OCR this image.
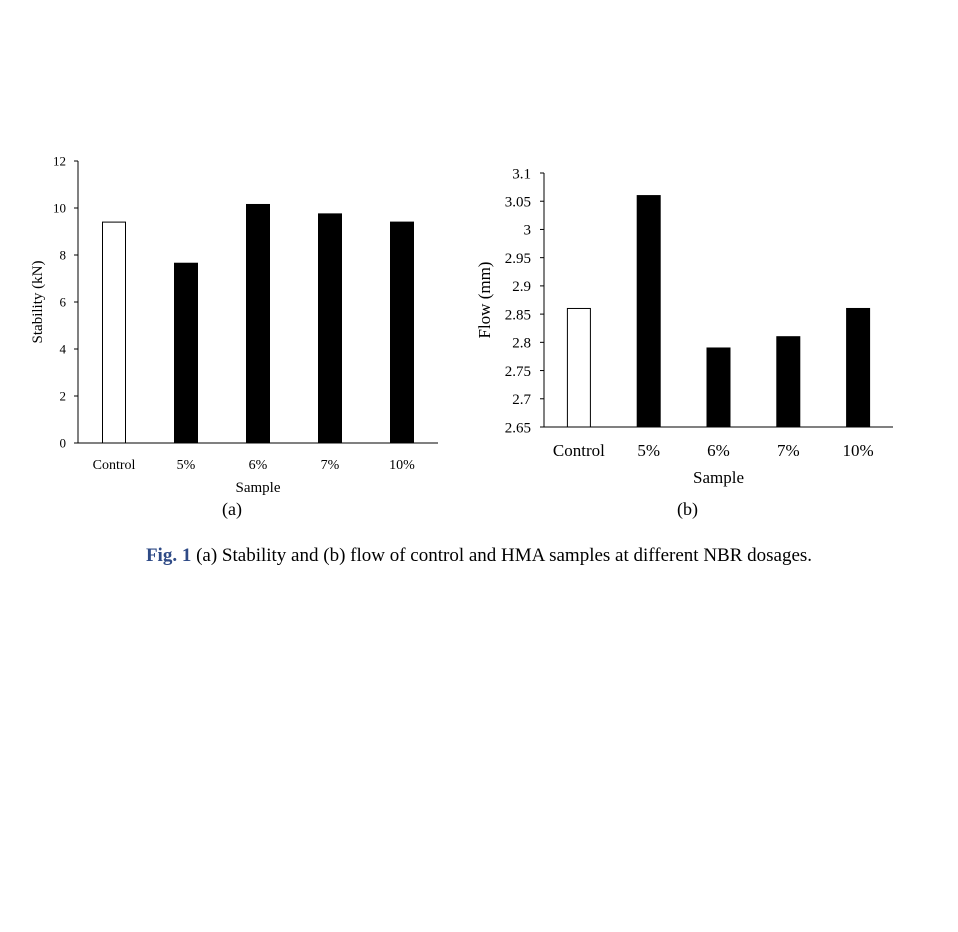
0
2
4
6
8
10
12
Control	5%	6%	7%	10%
Sample
Stability (kN)
2.65
2.7
2.75
2.8
2.85
2.9
2.95
3
3.05
3.1
Control 5%	6%	7%	10%
Sample
Flow (mm)
(a)	(b)
Fig. 1 (a) Stability and (b) flow of control and HMA samples at different NBR dosages.
